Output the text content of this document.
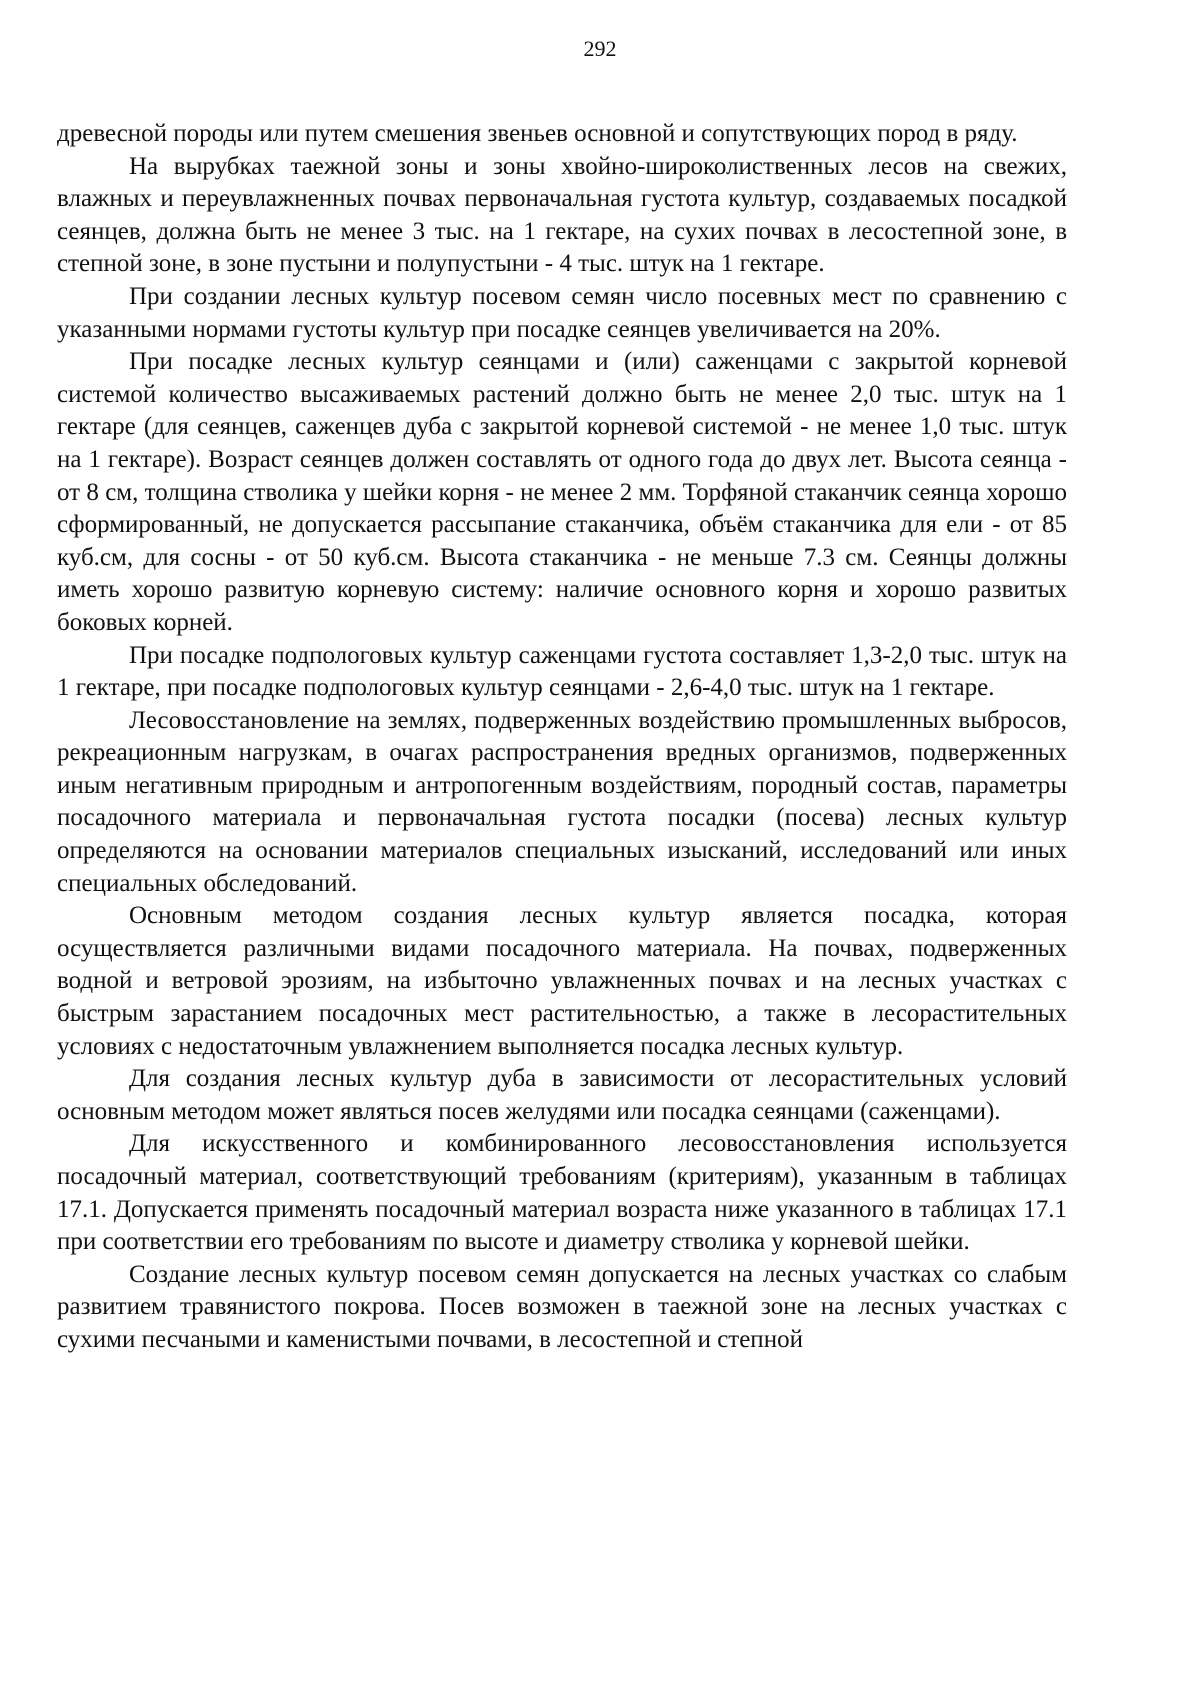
292

древесной породы или путем смешения звеньев основной и сопутствующих пород в ряду.

На вырубках таежной зоны и зоны хвойно-широколиственных лесов на свежих, влажных и переувлажненных почвах первоначальная густота культур, создаваемых посадкой сеянцев, должна быть не менее 3 тыс. на 1 гектаре, на сухих почвах в лесостепной зоне, в степной зоне, в зоне пустыни и полупустыни - 4 тыс. штук на 1 гектаре.

При создании лесных культур посевом семян число посевных мест по сравнению с указанными нормами густоты культур при посадке сеянцев увеличивается на 20%.

При посадке лесных культур сеянцами и (или) саженцами с закрытой корневой системой количество высаживаемых растений должно быть не менее 2,0 тыс. штук на 1 гектаре (для сеянцев, саженцев дуба с закрытой корневой системой - не менее 1,0 тыс. штук на 1 гектаре). Возраст сеянцев должен составлять от одного года до двух лет. Высота сеянца - от 8 см, толщина стволика у шейки корня - не менее 2 мм. Торфяной стаканчик сеянца хорошо сформированный, не допускается рассыпание стаканчика, объём стаканчика для ели - от 85 куб.см, для сосны - от 50 куб.см. Высота стаканчика - не меньше 7.3 см. Сеянцы должны иметь хорошо развитую корневую систему: наличие основного корня и хорошо развитых боковых корней.

При посадке подпологовых культур саженцами густота составляет 1,3-2,0 тыс. штук на 1 гектаре, при посадке подпологовых культур сеянцами - 2,6-4,0 тыс. штук на 1 гектаре.

Лесовосстановление на землях, подверженных воздействию промышленных выбросов, рекреационным нагрузкам, в очагах распространения вредных организмов, подверженных иным негативным природным и антропогенным воздействиям, породный состав, параметры посадочного материала и первоначальная густота посадки (посева) лесных культур определяются на основании материалов специальных изысканий, исследований или иных специальных обследований.

Основным методом создания лесных культур является посадка, которая осуществляется различными видами посадочного материала. На почвах, подверженных водной и ветровой эрозиям, на избыточно увлажненных почвах и на лесных участках с быстрым зарастанием посадочных мест растительностью, а также в лесорастительных условиях с недостаточным увлажнением выполняется посадка лесных культур.

Для создания лесных культур дуба в зависимости от лесорастительных условий основным методом может являться посев желудями или посадка сеянцами (саженцами).

Для искусственного и комбинированного лесовосстановления используется посадочный материал, соответствующий требованиям (критериям), указанным в таблицах 17.1. Допускается применять посадочный материал возраста ниже указанного в таблицах 17.1 при соответствии его требованиям по высоте и диаметру стволика у корневой шейки.

Создание лесных культур посевом семян допускается на лесных участках со слабым развитием травянистого покрова. Посев возможен в таежной зоне на лесных участках с сухими песчаными и каменистыми почвами, в лесостепной и степной
